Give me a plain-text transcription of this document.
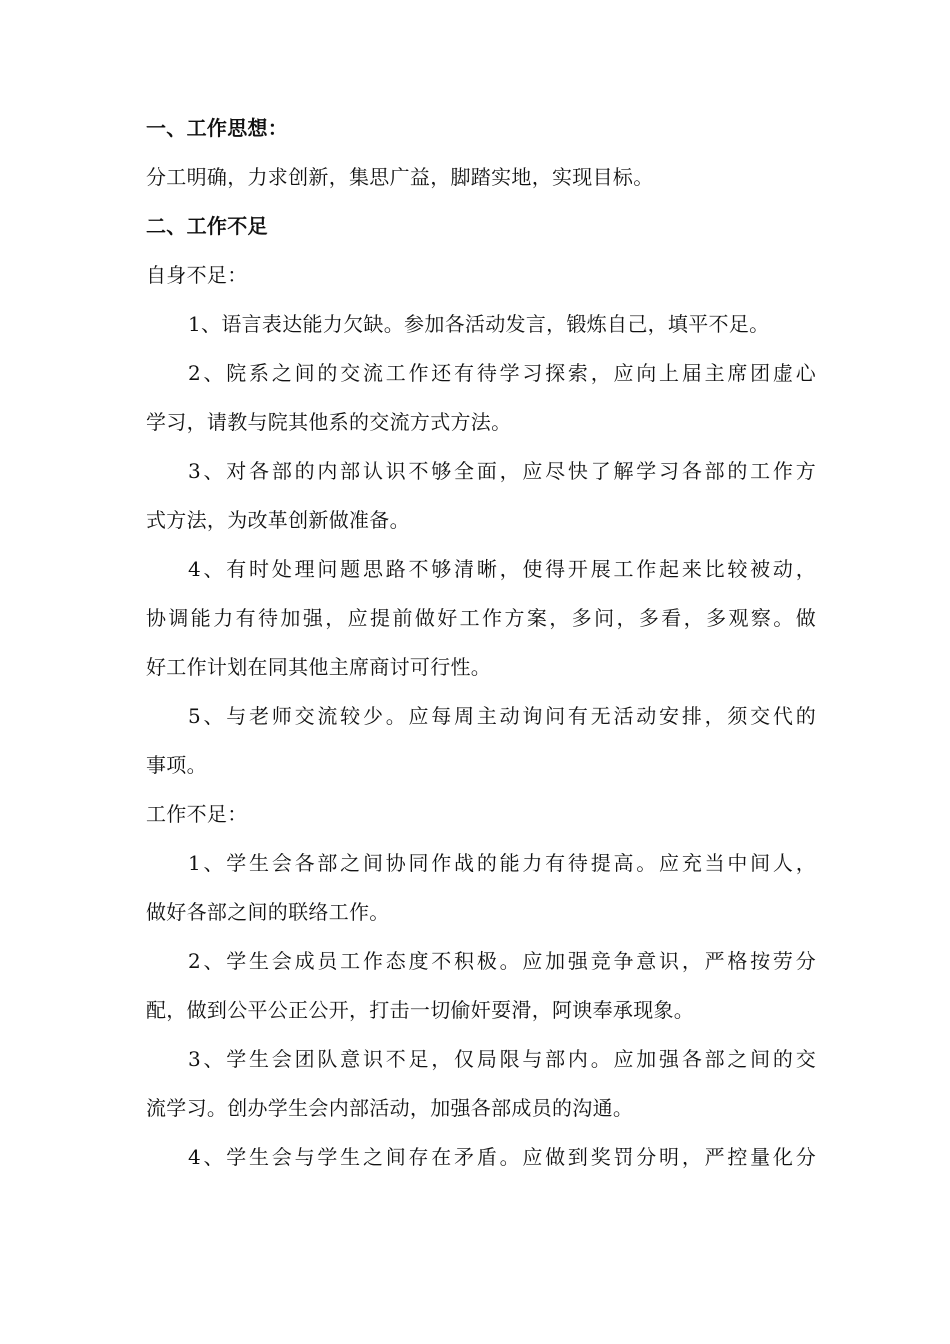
一、工作思想：
分工明确，力求创新，集思广益，脚踏实地，实现目标。
二、工作不足
自身不足：
1、语言表达能力欠缺。参加各活动发言，锻炼自己，填平不足。
2、院系之间的交流工作还有待学习探索，应向上届主席团虚心
学习，请教与院其他系的交流方式方法。
3、对各部的内部认识不够全面，应尽快了解学习各部的工作方
式方法，为改革创新做准备。
4、有时处理问题思路不够清晰，使得开展工作起来比较被动，
协调能力有待加强，应提前做好工作方案，多问，多看，多观察。做
好工作计划在同其他主席商讨可行性。
5、与老师交流较少。应每周主动询问有无活动安排，须交代的
事项。
工作不足：
1、学生会各部之间协同作战的能力有待提高。应充当中间人，
做好各部之间的联络工作。
2、学生会成员工作态度不积极。应加强竞争意识，严格按劳分
配，做到公平公正公开，打击一切偷奸耍滑，阿谀奉承现象。
3、学生会团队意识不足，仅局限与部内。应加强各部之间的交
流学习。创办学生会内部活动，加强各部成员的沟通。
4、学生会与学生之间存在矛盾。应做到奖罚分明，严控量化分
